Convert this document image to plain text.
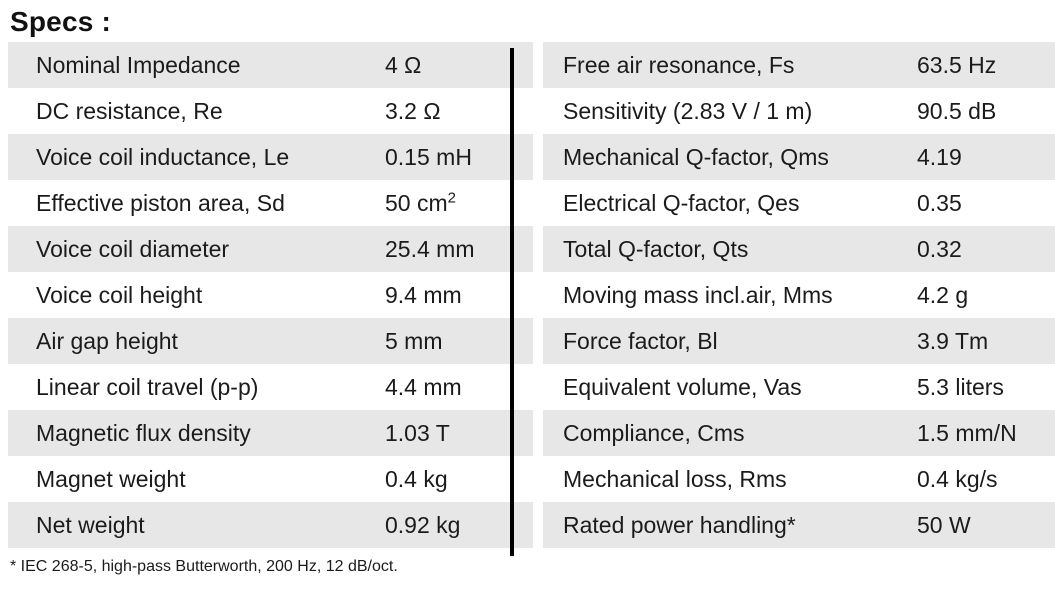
Specs :
Nominal Impedance	4 Ω		Free air resonance, Fs	63.5 Hz
DC resistance, Re	3.2 Ω		Sensitivity (2.83 V / 1 m)	90.5 dB
Voice coil inductance, Le	0.15 mH		Mechanical Q-factor, Qms	4.19
Effective piston area, Sd	50 $cm^2$		Electrical Q-factor, Qes	0.35
Voice coil diameter	25.4 mm		Total Q-factor, Qts	0.32
Voice coil height	9.4 mm		Moving mass incl.air, Mms	4.2 g
Air gap height	5 mm		Force factor, Bl	3.9 Tm
Linear coil travel (p-p)	4.4 mm		Equivalent volume, Vas	5.3 liters
Magnetic flux density	1.03 T		Compliance, Cms	1.5 mm/N
Magnet weight	0.4 kg		Mechanical loss, Rms	0.4 kg/s
Net weight	0.92 kg		Rated power handling*	50 W
* IEC 268-5, high-pass Butterworth, 200 Hz, 12 dB/oct.
